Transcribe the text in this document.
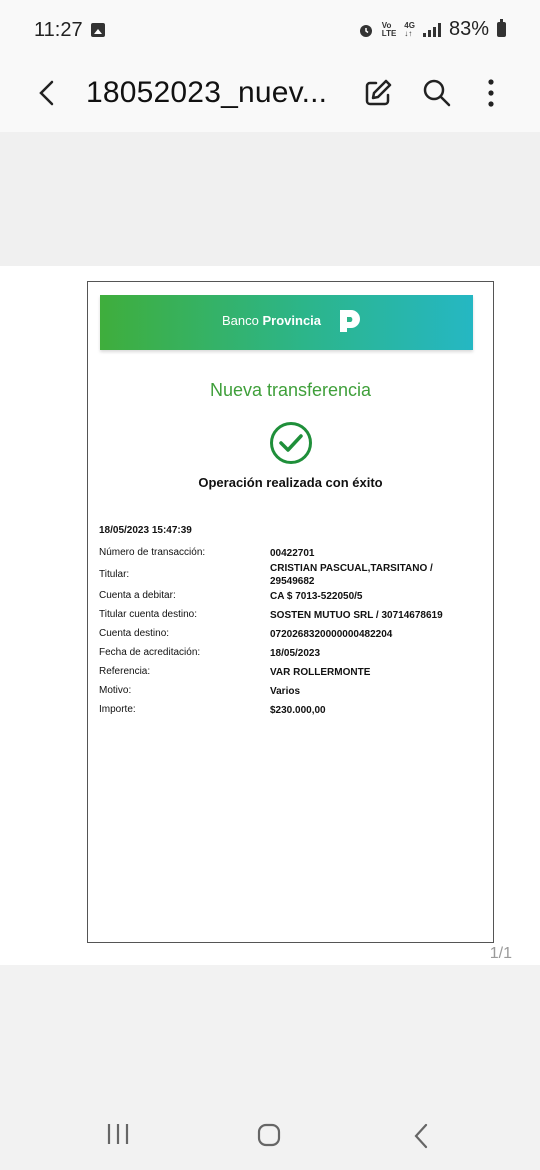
11:27	Vo
LTE
4G
↓↑ 83%
18052023_nuev...
Banco Provincia
Nueva transferencia
Operación realizada con éxito
18/05/2023 15:47:39
Número de transacción:	00422701
Titular:
CRISTIAN PASCUAL,TARSITANO /
29549682
Cuenta a debitar:	CA $ 7013-522050/5
Titular cuenta destino:	SOSTEN MUTUO SRL / 30714678619
Cuenta destino:	0720268320000000482204
Fecha de acreditación:	18/05/2023
Referencia:	VAR ROLLERMONTE
Motivo:	Varios
Importe:	$230.000,00
1/1
